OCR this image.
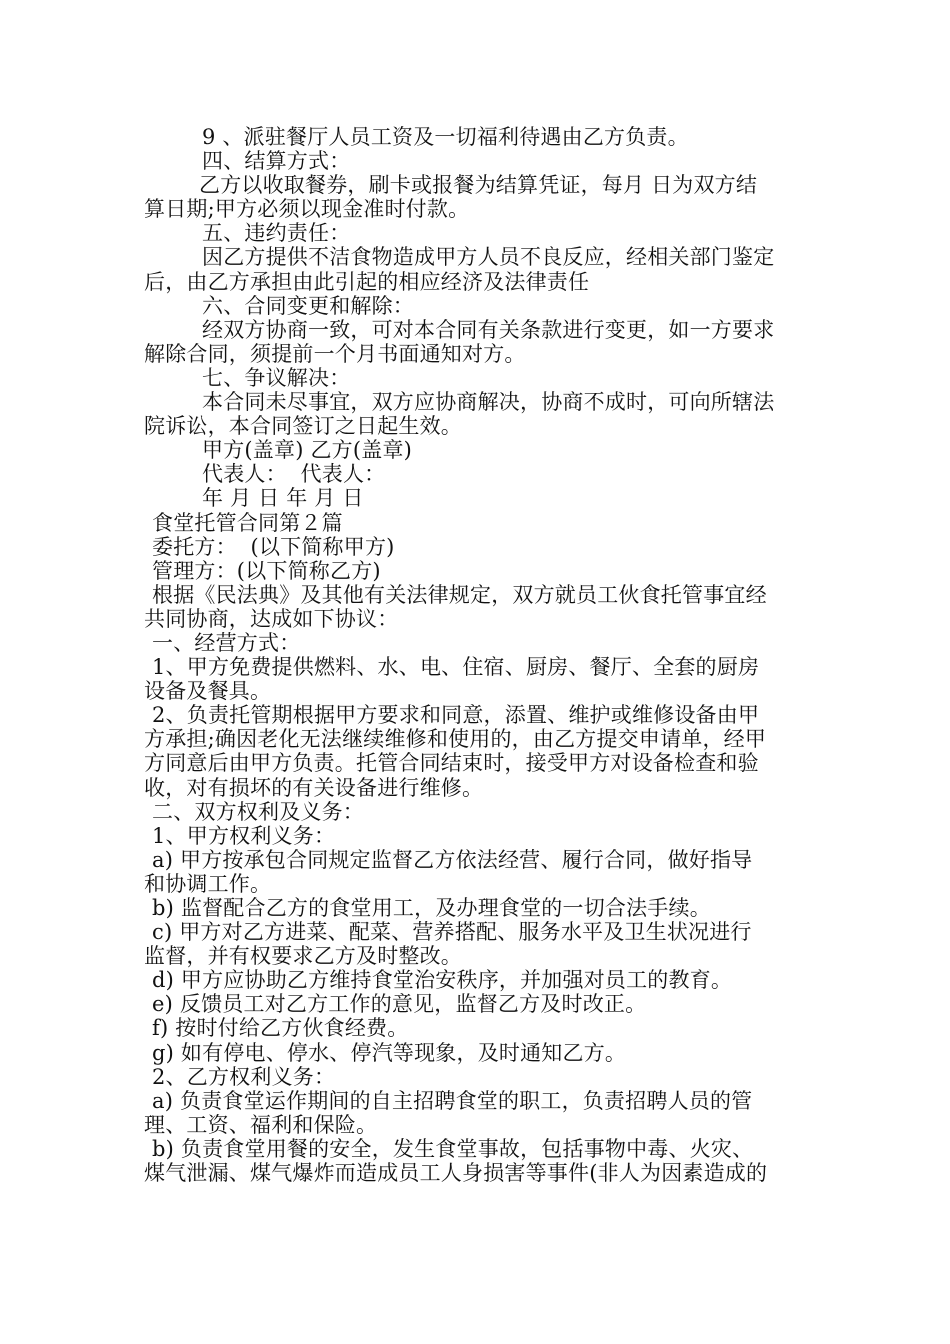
9 、派驻餐厅人员工资及一切福利待遇由乙方负责。
四、结算方式：
乙方以收取餐券，刷卡或报餐为结算凭证，每月 日为双方结
算日期;甲方必须以现金准时付款。
五、违约责任：
因乙方提供不洁食物造成甲方人员不良反应，经相关部门鉴定
后，由乙方承担由此引起的相应经济及法律责任
六、合同变更和解除：
经双方协商一致，可对本合同有关条款进行变更，如一方要求
解除合同，须提前一个月书面通知对方。
七、争议解决：
本合同未尽事宜，双方应协商解决，协商不成时，可向所辖法
院诉讼，本合同签订之日起生效。
甲方(盖章) 乙方(盖章)
代表人：  代表人：
年 月 日 年 月 日
食堂托管合同第２篇
委托方：  (以下简称甲方)
管理方：(以下简称乙方)
根据《民法典》及其他有关法律规定，双方就员工伙食托管事宜经
共同协商，达成如下协议：
一、经营方式：
1、甲方免费提供燃料、水、电、住宿、厨房、餐厅、全套的厨房
设备及餐具。
2、负责托管期根据甲方要求和同意，添置、维护或维修设备由甲
方承担;确因老化无法继续维修和使用的，由乙方提交申请单，经甲
方同意后由甲方负责。托管合同结束时，接受甲方对设备检查和验
收，对有损坏的有关设备进行维修。
二、双方权利及义务：
1、甲方权利义务：
a) 甲方按承包合同规定监督乙方依法经营、履行合同，做好指导
和协调工作。
b) 监督配合乙方的食堂用工，及办理食堂的一切合法手续。
c) 甲方对乙方进菜、配菜、营养搭配、服务水平及卫生状况进行
监督，并有权要求乙方及时整改。
d) 甲方应协助乙方维持食堂治安秩序，并加强对员工的教育。
e) 反馈员工对乙方工作的意见，监督乙方及时改正。
f) 按时付给乙方伙食经费。
g) 如有停电、停水、停汽等现象，及时通知乙方。
2、乙方权利义务：
a) 负责食堂运作期间的自主招聘食堂的职工，负责招聘人员的管
理、工资、福利和保险。
b) 负责食堂用餐的安全，发生食堂事故，包括事物中毒、火灾、
煤气泄漏、煤气爆炸而造成员工人身损害等事件(非人为因素造成的
